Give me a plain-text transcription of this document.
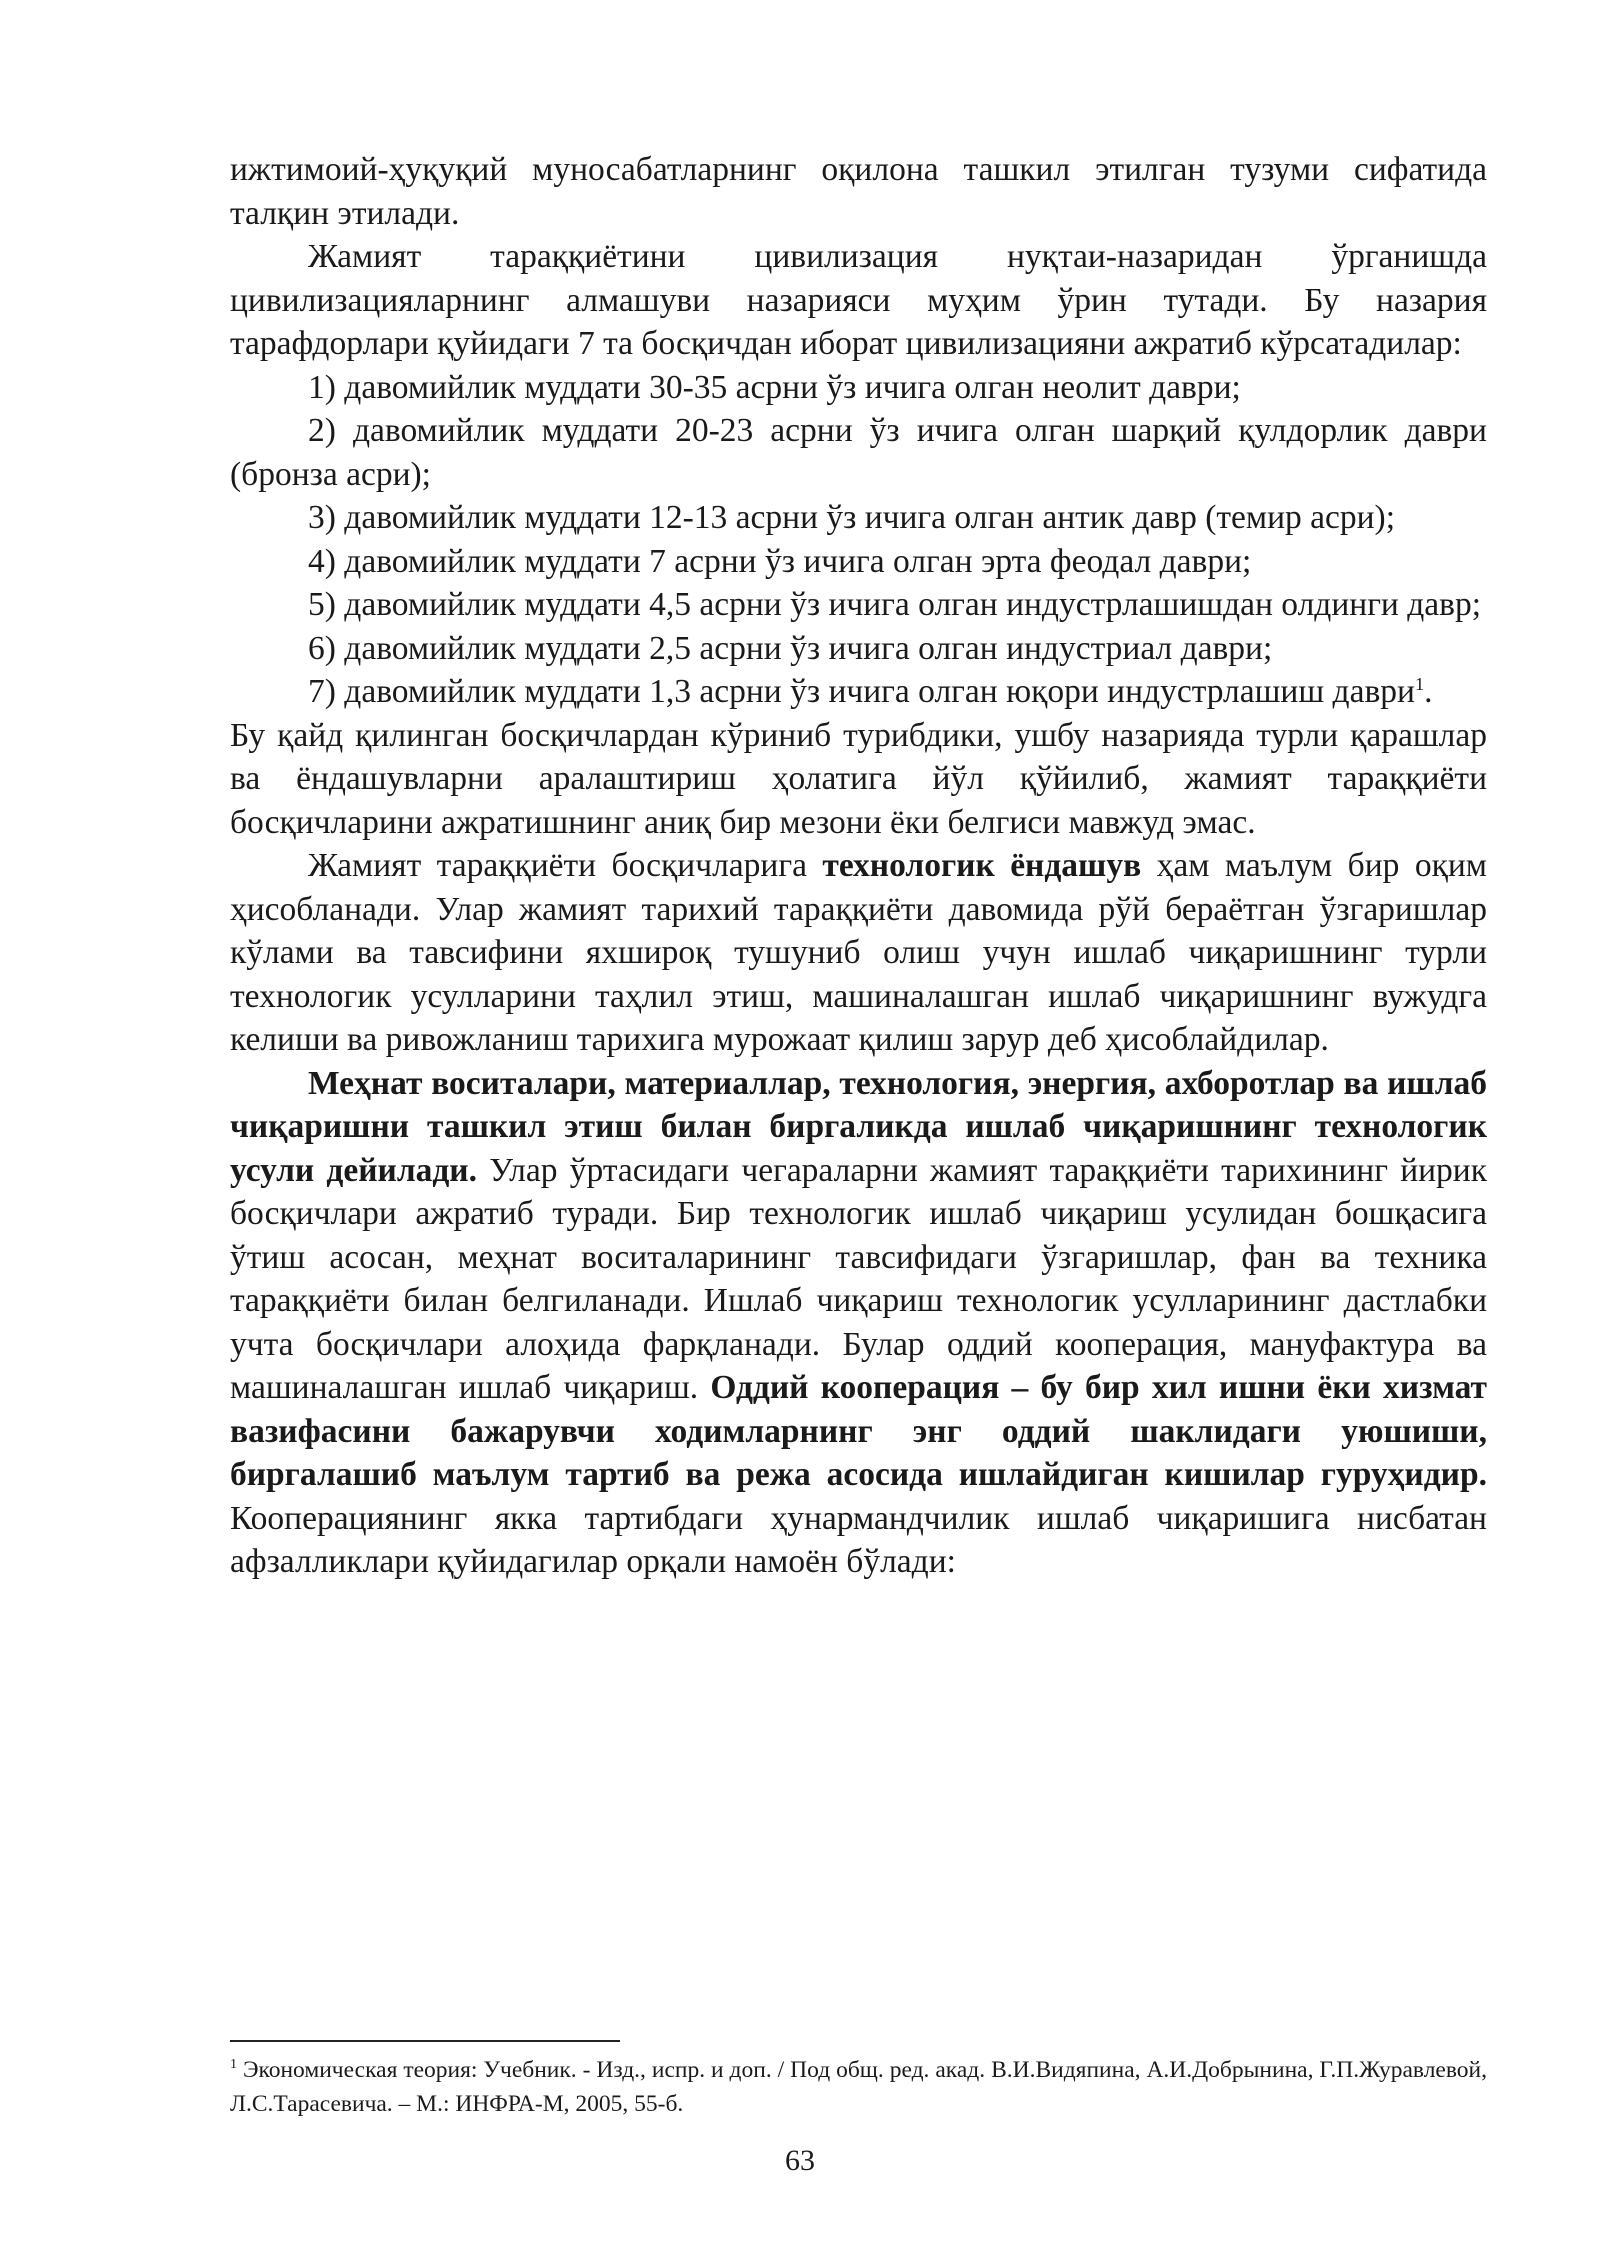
ижтимоий-ҳуқуқий муносабатларнинг оқилона ташкил этилган тузуми сифатида талқин этилади.

Жамият тараққиётини цивилизация нуқтаи-назаридан ўрганишда цивилизацияларнинг алмашуви назарияси муҳим ўрин тутади. Бу назария тарафдорлари қуйидаги 7 та босқичдан иборат цивилизацияни ажратиб кўрсатадилар:

1) давомийлик муддати 30-35 асрни ўз ичига олган неолит даври;

2) давомийлик муддати 20-23 асрни ўз ичига олган шарқий қулдорлик даври (бронза асри);

3) давомийлик муддати 12-13 асрни ўз ичига олган антик давр (темир асри);

4) давомийлик муддати 7 асрни ўз ичига олган эрта феодал даври;

5) давомийлик муддати 4,5 асрни ўз ичига олган индустрлашишдан олдинги давр;

6) давомийлик муддати 2,5 асрни ўз ичига олган индустриал даври;

7) давомийлик муддати 1,3 асрни ўз ичига олган юқори индустрлашиш даври$^1$.

Бу қайд қилинган босқичлардан кўриниб турибдики, ушбу назарияда турли қарашлар ва ёндашувларни аралаштириш ҳолатига йўл қўйилиб, жамият тараққиёти босқичларини ажратишнинг аниқ бир мезони ёки белгиси мавжуд эмас.

Жамият тараққиёти босқичларига технологик ёндашув ҳам маълум бир оқим ҳисобланади. Улар жамият тарихий тараққиёти давомида рўй бераётган ўзгаришлар кўлами ва тавсифини яхшироқ тушуниб олиш учун ишлаб чиқаришнинг турли технологик усулларини таҳлил этиш, машиналашган ишлаб чиқаришнинг вужудга келиши ва ривожланиш тарихига мурожаат қилиш зарур деб ҳисоблайдилар.

Меҳнат воситалари, материаллар, технология, энергия, ахборотлар ва ишлаб чиқаришни ташкил этиш билан биргаликда ишлаб чиқаришнинг технологик усули дейилади. Улар ўртасидаги чегараларни жамият тараққиёти тарихининг йирик босқичлари ажратиб туради. Бир технологик ишлаб чиқариш усулидан бошқасига ўтиш асосан, меҳнат воситаларининг тавсифидаги ўзгаришлар, фан ва техника тараққиёти билан белгиланади. Ишлаб чиқариш технологик усулларининг дастлабки учта босқичлари алоҳида фарқланади. Булар оддий кооперация, мануфактура ва машиналашган ишлаб чиқариш. Оддий кооперация – бу бир хил ишни ёки хизмат вазифасини бажарувчи ходимларнинг энг оддий шаклидаги уюшиши, биргалашиб маълум тартиб ва режа асосида ишлайдиган кишилар гуруҳидир. Кооперациянинг якка тартибдаги ҳунармандчилик ишлаб чиқаришига нисбатан афзалликлари қуйидагилар орқали намоён бўлади:

$^1$ Экономическая теория: Учебник. - Изд., испр. и доп. / Под общ. ред. акад. В.И.Видяпина, А.И.Добрынина, Г.П.Журавлевой, Л.С.Тарасевича. – М.: ИНФРА-М, 2005, 55-б.
63
